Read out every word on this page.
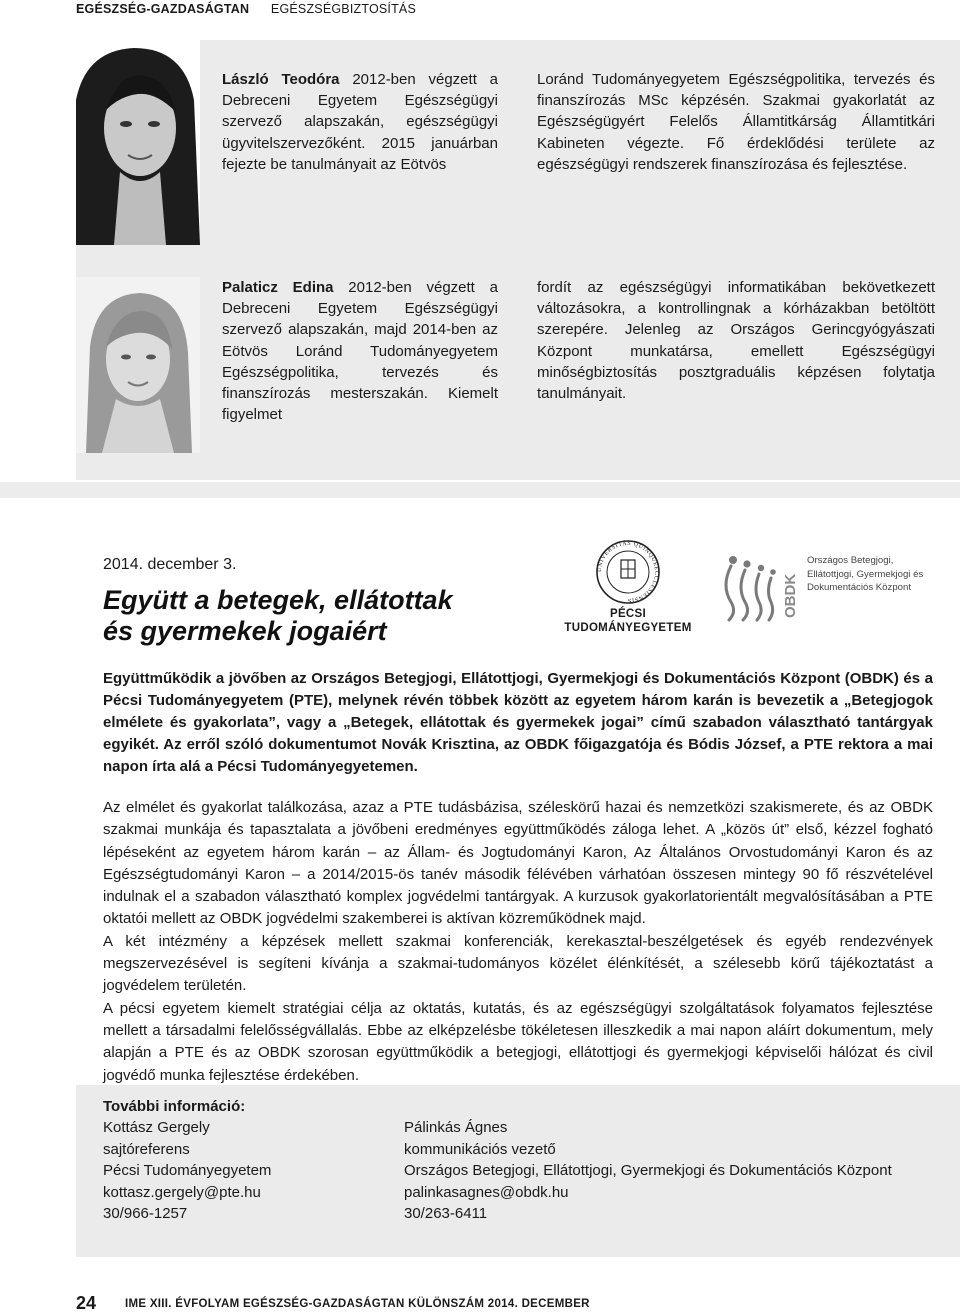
EGÉSZSÉG-GAZDASÁGTAN EGÉSZSÉGBIZTOSÍTÁS
László Teodóra 2012-ben végzett a Debreceni Egyetem Egészségügyi szervező alapszakán, egészségügyi ügyvitelszervezőként. 2015 januárban fejezte be tanulmányait az Eötvös
Loránd Tudományegyetem Egészségpolitika, tervezés és finanszírozás MSc képzésén. Szakmai gyakorlatát az Egészségügyért Felelős Államtitkárság Államtitkári Kabineten végezte. Fő érdeklődési területe az egészségügyi rendszerek finanszírozása és fejlesztése.
Palaticz Edina 2012-ben végzett a Debreceni Egyetem Egészségügyi szervező alapszakán, majd 2014-ben az Eötvös Loránd Tudományegyetem Egészségpolitika, tervezés és finanszírozás mesterszakán. Kiemelt figyelmet
fordít az egészségügyi informatikában bekövetkezett változásokra, a kontrollingnak a kórházakban betöltött szerepére. Jelenleg az Országos Gerincgyógyászati Központ munkatársa, emellett Egészségügyi minőségbiztosítás posztgraduális képzésen folytatja tanulmányait.
2014. december 3.
Együtt a betegek, ellátottak
és gyermekek jogaiért
UNIVERSITAS QUINQUEECCLESIENSIS
PÉCSI
TUDOMÁNYEGYETEM
OBDK
Országos Betegjogi,
Ellátottjogi, Gyermekjogi és
Dokumentációs Központ
Együttműködik a jövőben az Országos Betegjogi, Ellátottjogi, Gyermekjogi és Dokumentációs Központ (OBDK) és a Pécsi Tudományegyetem (PTE), melynek révén többek között az egyetem három karán is bevezetik a „Betegjogok elmélete és gyakorlata”, vagy a „Betegek, ellátottak és gyermekek jogai” című szabadon választható tantárgyak egyikét. Az erről szóló dokumentumot Novák Krisztina, az OBDK főigazgatója és Bódis József, a PTE rektora a mai napon írta alá a Pécsi Tudományegyetemen.

Az elmélet és gyakorlat találkozása, azaz a PTE tudásbázisa, széleskörű hazai és nemzetközi szakismerete, és az OBDK szakmai munkája és tapasztalata a jövőbeni eredményes együttműködés záloga lehet. A „közös út” első, kézzel fogható lépéseként az egyetem három karán – az Állam- és Jogtudományi Karon, Az Általános Orvostudományi Karon és az Egészségtudományi Karon – a 2014/2015-ös tanév második félévében várhatóan összesen mintegy 90 fő részvételével indulnak el a szabadon választható komplex jogvédelmi tantárgyak. A kurzusok gyakorlatorientált megvalósításában a PTE oktatói mellett az OBDK jogvédelmi szakemberei is aktívan közreműködnek majd.

A két intézmény a képzések mellett szakmai konferenciák, kerekasztal-beszélgetések és egyéb rendezvények megszervezésével is segíteni kívánja a szakmai-tudományos közélet élénkítését, a szélesebb körű tájékoztatást a jogvédelem területén.

A pécsi egyetem kiemelt stratégiai célja az oktatás, kutatás, és az egészségügyi szolgáltatások folyamatos fejlesztése mellett a társadalmi felelősségvállalás. Ebbe az elképzelésbe tökéletesen illeszkedik a mai napon aláírt dokumentum, mely alapján a PTE és az OBDK szorosan együttműködik a betegjogi, ellátottjogi és gyermekjogi képviselői hálózat és civil jogvédő munka fejlesztése érdekében.

További információ:
Kottász Gergely
sajtóreferens
Pécsi Tudományegyetem
kottasz.gergely@pte.hu
30/966-1257
Pálinkás Ágnes
kommunikációs vezető
Országos Betegjogi, Ellátottjogi, Gyermekjogi és Dokumentációs Központ
palinkasagnes@obdk.hu
30/263-6411
24	IME XIII. ÉVFOLYAM EGÉSZSÉG-GAZDASÁGTAN KÜLÖNSZÁM 2014. DECEMBER
